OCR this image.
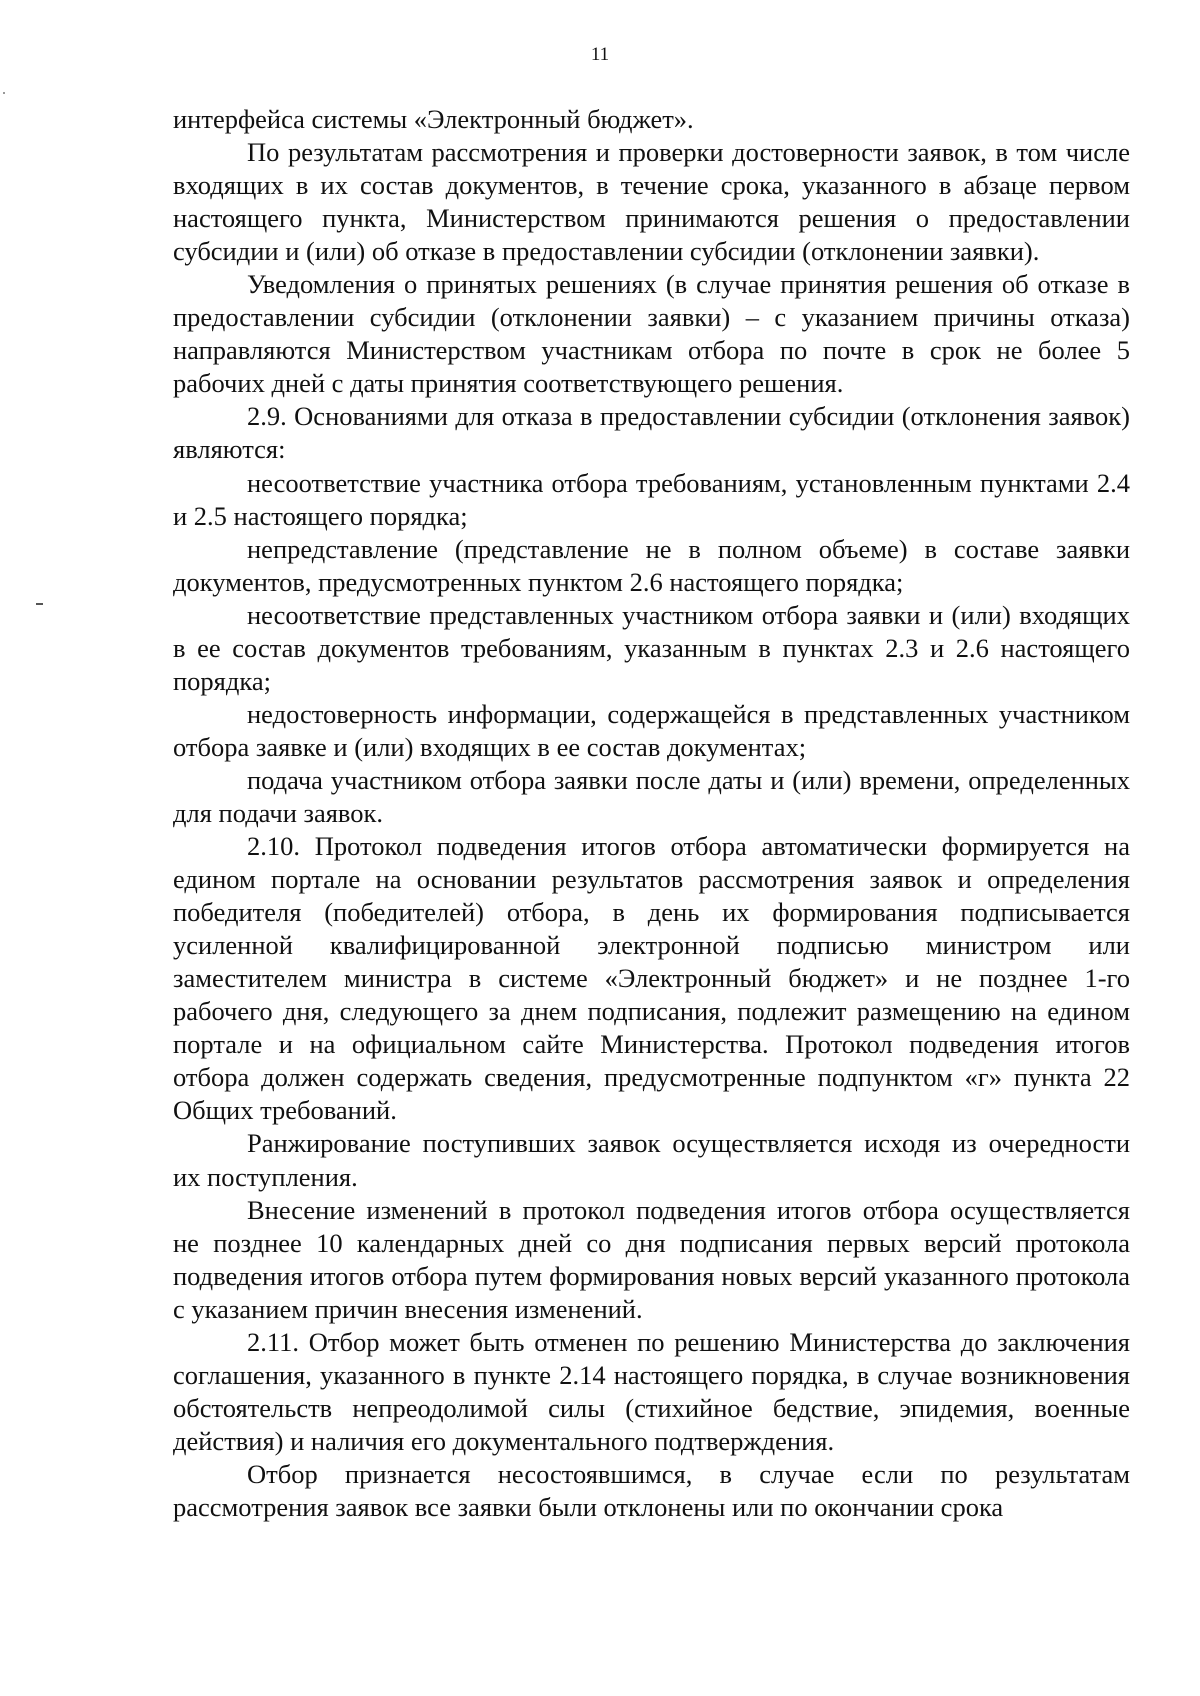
11

интерфейса системы «Электронный бюджет».

По результатам рассмотрения и проверки достоверности заявок, в том числе входящих в их состав документов, в течение срока, указанного в абзаце первом настоящего пункта, Министерством принимаются решения о предоставлении субсидии и (или) об отказе в предоставлении субсидии (отклонении заявки).

Уведомления о принятых решениях (в случае принятия решения об отказе в предоставлении субсидии (отклонении заявки) – с указанием причины отказа) направляются Министерством участникам отбора по почте в срок не более 5 рабочих дней с даты принятия соответствующего решения.

2.9. Основаниями для отказа в предоставлении субсидии (отклонения заявок) являются:

несоответствие участника отбора требованиям, установленным пунктами 2.4 и 2.5 настоящего порядка;

непредставление (представление не в полном объеме) в составе заявки документов, предусмотренных пунктом 2.6 настоящего порядка;

несоответствие представленных участником отбора заявки и (или) входящих в ее состав документов требованиям, указанным в пунктах 2.3 и 2.6 настоящего порядка;

недостоверность информации, содержащейся в представленных участником отбора заявке и (или) входящих в ее состав документах;

подача участником отбора заявки после даты и (или) времени, определенных для подачи заявок.

2.10. Протокол подведения итогов отбора автоматически формируется на едином портале на основании результатов рассмотрения заявок и определения победителя (победителей) отбора, в день их формирования подписывается усиленной квалифицированной электронной подписью министром или заместителем министра в системе «Электронный бюджет» и не позднее 1-го рабочего дня, следующего за днем подписания, подлежит размещению на едином портале и на официальном сайте Министерства. Протокол подведения итогов отбора должен содержать сведения, предусмотренные подпунктом «г» пункта 22 Общих требований.

Ранжирование поступивших заявок осуществляется исходя из очередности их поступления.

Внесение изменений в протокол подведения итогов отбора осуществляется не позднее 10 календарных дней со дня подписания первых версий протокола подведения итогов отбора путем формирования новых версий указанного протокола с указанием причин внесения изменений.

2.11. Отбор может быть отменен по решению Министерства до заключения соглашения, указанного в пункте 2.14 настоящего порядка, в случае возникновения обстоятельств непреодолимой силы (стихийное бедствие, эпидемия, военные действия) и наличия его документального подтверждения.

Отбор признается несостоявшимся, в случае если по результатам рассмотрения заявок все заявки были отклонены или по окончании срока
